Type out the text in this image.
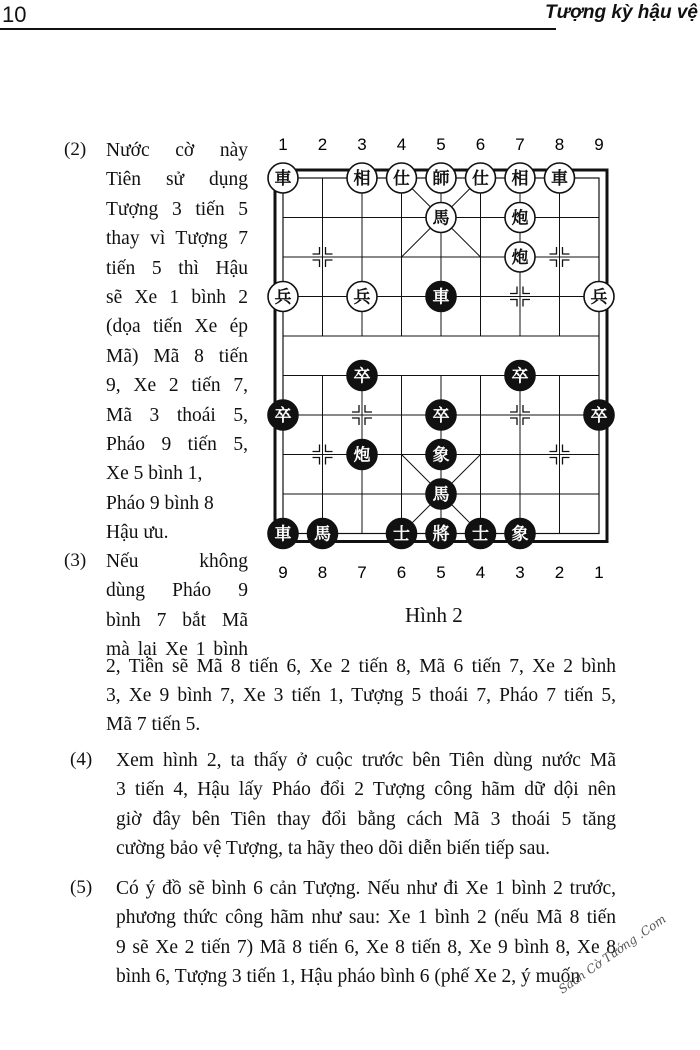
10	Tượng kỳ hậu vệ
1 2 3 4 5 6 7 8 9
9 8 7 6 5 4 3 2 1
車	相 仕 師 仕 相 車
馬	炮
炮
兵	兵	兵
車
卒	卒
卒	卒	卒
炮	象
馬
車 馬	士 將 士 象
Hình 2
(2) Nước cờ này
Tiên sử dụng
Tượng 3 tiến 5
thay vì Tượng 7
tiến 5 thì Hậu
sẽ Xe 1 bình 2
(dọa tiến Xe ép
Mã) Mã 8 tiến
9, Xe 2 tiến 7,
Mã 3 thoái 5,
Pháo 9 tiến 5,
Xe 5 bình 1,
Pháo 9 bình 8
Hậu ưu.
(3) Nếu không
dùng Pháo 9
bình 7 bắt Mã
mà lại Xe 1 bình
2, Tiên sẽ Mã 8 tiến 6, Xe 2 tiến 8, Mã 6 tiến 7, Xe 2 bình
3, Xe 9 bình 7, Xe 3 tiến 1, Tượng 5 thoái 7, Pháo 7 tiến 5,
Mã 7 tiến 5.
(4) Xem hình 2, ta thấy ở cuộc trước bên Tiên dùng nước Mã
3 tiến 4, Hậu lấy Pháo đổi 2 Tượng công hãm dữ dội nên
giờ đây bên Tiên thay đổi bằng cách Mã 3 thoái 5 tăng
cường bảo vệ Tượng, ta hãy theo dõi diễn biến tiếp sau.
(5) Có ý đồ sẽ bình 6 cản Tượng. Nếu như đi Xe 1 bình 2 trước,
phương thức công hãm như sau: Xe 1 bình 2 (nếu Mã 8 tiến
9 sẽ Xe 2 tiến 7) Mã 8 tiến 6, Xe 8 tiến 8, Xe 9 bình 8, Xe 8
bình 6, Tượng 3 tiến 1, Hậu pháo bình 6 (phế Xe 2, ý muốn
Sách Cờ Tướng .Com
